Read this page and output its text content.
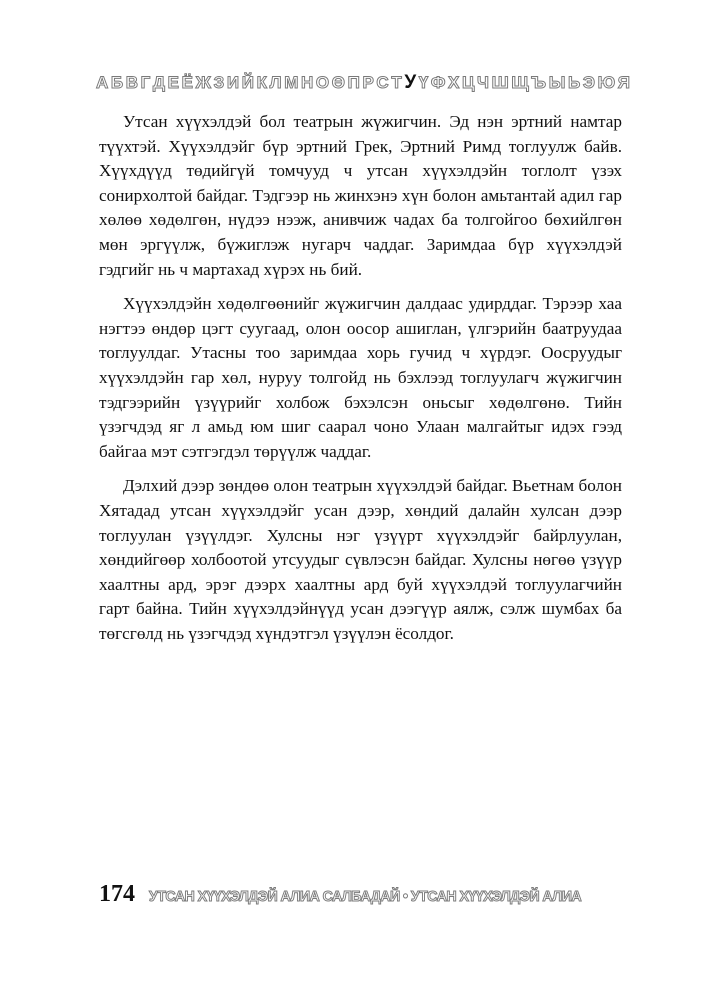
А Б В Г Д Е Ё Ж З И Й К Л М Н О Ө П Р С Т У Ү Ф Х Ц Ч Ш Щ Ъ Ы Ь Э Ю Я

Утсан хүүхэлдэй бол театрын жүжигчин. Эд нэн эртний намтар түүхтэй. Хүүхэлдэйг бүр эртний Грек, Эртний Римд тоглуулж байв. Хүүхдүүд төдийгүй томчууд ч утсан хүүхэлдэйн тоглолт үзэх сонирхолтой байдаг. Тэдгээр нь жинхэнэ хүн болон амьтантай адил гар хөлөө хөдөлгөн, нүдээ нээж, анивчиж чадах ба толгойгоо бөхийлгөн мөн эргүүлж, бүжиглэж нугарч чаддаг. Заримдаа бүр хүүхэлдэй гэдгийг нь ч мартахад хүрэх нь бий.

Хүүхэлдэйн хөдөлгөөнийг жүжигчин далдаас удирддаг. Тэрээр хаа нэгтээ өндөр цэгт суугаад, олон оосор ашиглан, үлгэрийн баатруудаа тоглуулдаг. Утасны тоо заримдаа хорь гучид ч хүрдэг. Оосруудыг хүүхэлдэйн гар хөл, нуруу толгойд нь бэхлээд тоглуулагч жүжигчин тэдгээрийн үзүүрийг холбож бэхэлсэн оньсыг хөдөлгөнө. Тийн үзэгчдэд яг л амьд юм шиг саарал чоно Улаан малгайтыг идэх гээд байгаа мэт сэтгэгдэл төрүүлж чаддаг.

Дэлхий дээр зөндөө олон театрын хүүхэлдэй байдаг. Вьетнам болон Хятадад утсан хүүхэлдэйг усан дээр, хөндий далайн хулсан дээр тоглуулан үзүүлдэг. Хулсны нэг үзүүрт хүүхэлдэйг байрлуулан, хөндийгөөр холбоотой утсуудыг сүвлэсэн байдаг. Хулсны нөгөө үзүүр хаалтны ард, эрэг дээрх хаалтны ард буй хүүхэлдэй тоглуулагчийн гарт байна. Тийн хүүхэлдэйнүүд усан дээгүүр аялж, сэлж шумбах ба төгсгөлд нь үзэгчдэд хүндэтгэл үзүүлэн ёсолдог.

174 УТСАН ХҮҮХЭЛДЭЙ АЛИА САЛБАДАЙ • УТСАН ХҮҮХЭЛДЭЙ АЛИА
